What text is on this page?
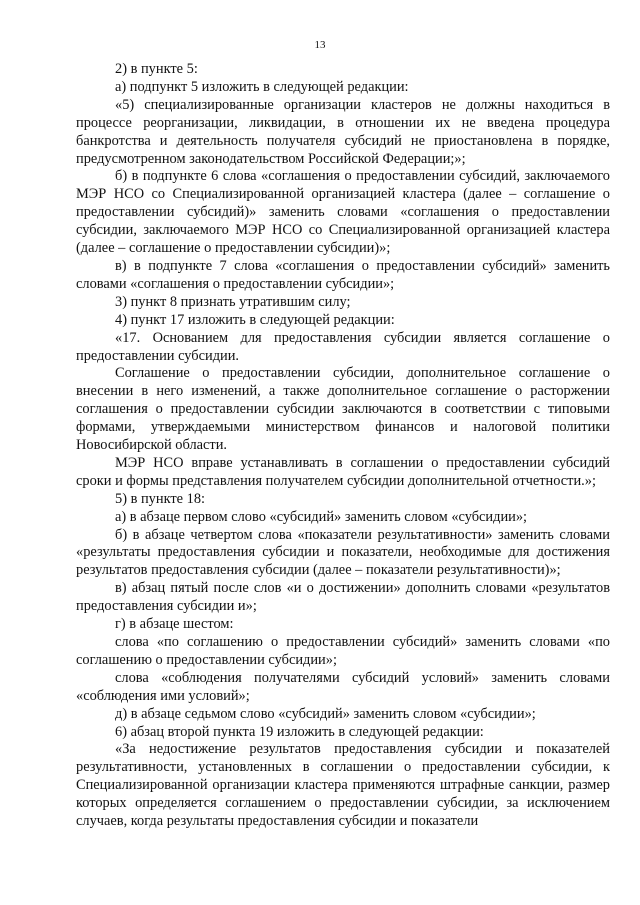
13

2) в пункте 5:

а) подпункт 5 изложить в следующей редакции:

«5) специализированные организации кластеров не должны находиться в процессе реорганизации, ликвидации, в отношении их не введена процедура банкротства и деятельность получателя субсидий не приостановлена в порядке, предусмотренном законодательством Российской Федерации;»;

б) в подпункте 6 слова «соглашения о предоставлении субсидий, заключаемого МЭР НСО со Специализированной организацией кластера (далее – соглашение о предоставлении субсидий)» заменить словами «соглашения о предоставлении субсидии, заключаемого МЭР НСО со Специализированной организацией кластера (далее – соглашение о предоставлении субсидии)»;

в) в подпункте 7 слова «соглашения о предоставлении субсидий» заменить словами «соглашения о предоставлении субсидии»;

3) пункт 8 признать утратившим силу;

4) пункт 17 изложить в следующей редакции:

«17. Основанием для предоставления субсидии является соглашение о предоставлении субсидии.

Соглашение о предоставлении субсидии, дополнительное соглашение о внесении в него изменений, а также дополнительное соглашение о расторжении соглашения о предоставлении субсидии заключаются в соответствии с типовыми формами, утверждаемыми министерством финансов и налоговой политики Новосибирской области.

МЭР НСО вправе устанавливать в соглашении о предоставлении субсидий сроки и формы представления получателем субсидии дополнительной отчетности.»;

5) в пункте 18:

а) в абзаце первом слово «субсидий» заменить словом «субсидии»;

б) в абзаце четвертом слова «показатели результативности» заменить словами «результаты предоставления субсидии и показатели, необходимые для достижения результатов предоставления субсидии (далее – показатели результативности)»;

в) абзац пятый после слов «и о достижении» дополнить словами «результатов предоставления субсидии и»;

г) в абзаце шестом:

слова «по соглашению о предоставлении субсидий» заменить словами «по соглашению о предоставлении субсидии»;

слова «соблюдения получателями субсидий условий» заменить словами «соблюдения ими условий»;

д) в абзаце седьмом слово «субсидий» заменить словом «субсидии»;

6) абзац второй пункта 19 изложить в следующей редакции:

«За недостижение результатов предоставления субсидии и показателей результативности, установленных в соглашении о предоставлении субсидии, к Специализированной организации кластера применяются штрафные санкции, размер которых определяется соглашением о предоставлении субсидии, за исключением случаев, когда результаты предоставления субсидии и показатели
